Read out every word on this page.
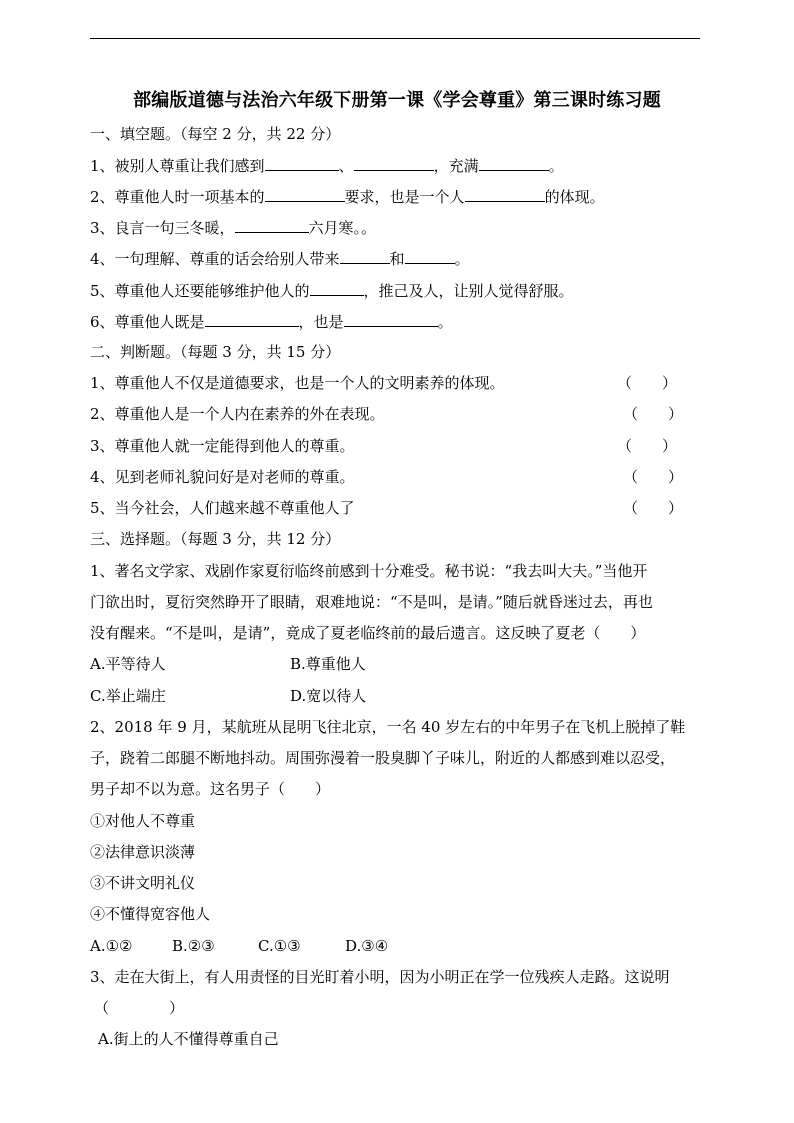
部编版道德与法治六年级下册第一课《学会尊重》第三课时练习题
一、填空题。（每空 2 分，共 22 分）
1、被别人尊重让我们感到	、	，充满	。
2、尊重他人时一项基本的	要求，也是一个人	的体现。
3、良言一句三冬暖，	六月寒。。
4、一句理解、尊重的话会给别人带来	和	。
5、尊重他人还要能够维护他人的	，推己及人，让别人觉得舒服。
6、尊重他人既是	，也是	。
二、判断题。（每题 3 分，共 15 分）
1、尊重他人不仅是道德要求，也是一个人的文明素养的体现。	（　　）
2、尊重他人是一个人内在素养的外在表现。	（　　）
3、尊重他人就一定能得到他人的尊重。	（　　）
4、见到老师礼貌问好是对老师的尊重。	（　　）
5、当今社会，人们越来越不尊重他人了	（　　）
三、选择题。（每题 3 分，共 12 分）
1、著名文学家、戏剧作家夏衍临终前感到十分难受。秘书说：“我去叫大夫。”当他开
门欲出时，夏衍突然睁开了眼睛，艰难地说：“不是叫，是请。”随后就昏迷过去，再也
没有醒来。“不是叫，是请”，竟成了夏老临终前的最后遗言。这反映了夏老（　　）
A.平等待人	B.尊重他人
C.举止端庄	D.宽以待人
2、2018 年 9 月，某航班从昆明飞往北京，一名 40 岁左右的中年男子在飞机上脱掉了鞋
子，跷着二郎腿不断地抖动。周围弥漫着一股臭脚丫子味儿，附近的人都感到难以忍受，
男子却不以为意。这名男子（　　）
①对他人不尊重
②法律意识淡薄
③不讲文明礼仪
④不懂得宽容他人
A.①②	B.②③	C.①③	D.③④
3、走在大街上，有人用责怪的目光盯着小明，因为小明正在学一位残疾人走路。这说明
（　　　　）
A.街上的人不懂得尊重自己
